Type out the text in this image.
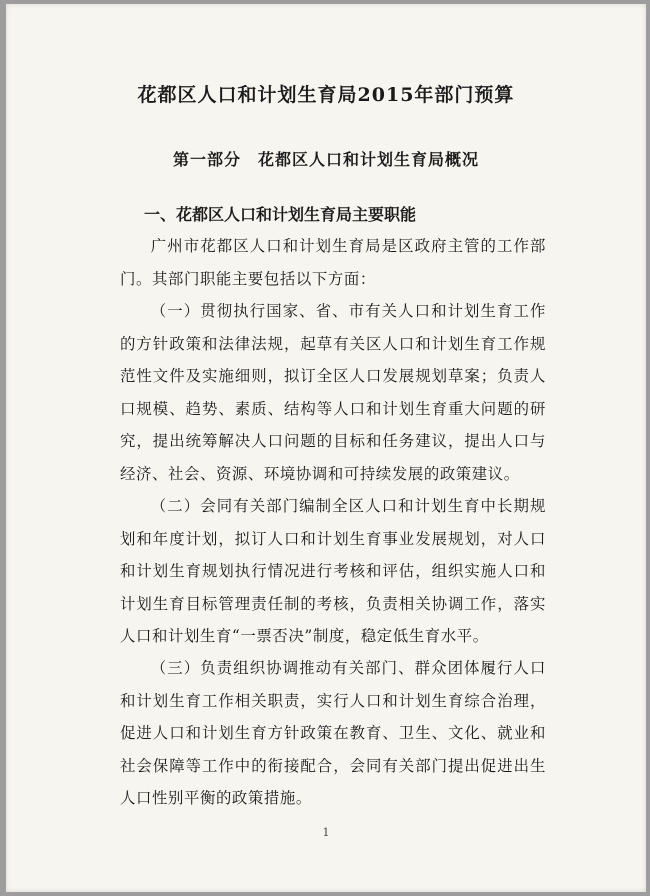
花都区人口和计划生育局2015年部门预算
第一部分　花都区人口和计划生育局概况
一、花都区人口和计划生育局主要职能

广州市花都区人口和计划生育局是区政府主管的工作部门。其部门职能主要包括以下方面：

（一）贯彻执行国家、省、市有关人口和计划生育工作的方针政策和法律法规，起草有关区人口和计划生育工作规范性文件及实施细则，拟订全区人口发展规划草案；负责人口规模、趋势、素质、结构等人口和计划生育重大问题的研究，提出统筹解决人口问题的目标和任务建议，提出人口与经济、社会、资源、环境协调和可持续发展的政策建议。

（二）会同有关部门编制全区人口和计划生育中长期规划和年度计划，拟订人口和计划生育事业发展规划，对人口和计划生育规划执行情况进行考核和评估，组织实施人口和计划生育目标管理责任制的考核，负责相关协调工作，落实人口和计划生育“一票否决”制度，稳定低生育水平。

（三）负责组织协调推动有关部门、群众团体履行人口和计划生育工作相关职责，实行人口和计划生育综合治理，促进人口和计划生育方针政策在教育、卫生、文化、就业和社会保障等工作中的衔接配合，会同有关部门提出促进出生人口性别平衡的政策措施。

1
